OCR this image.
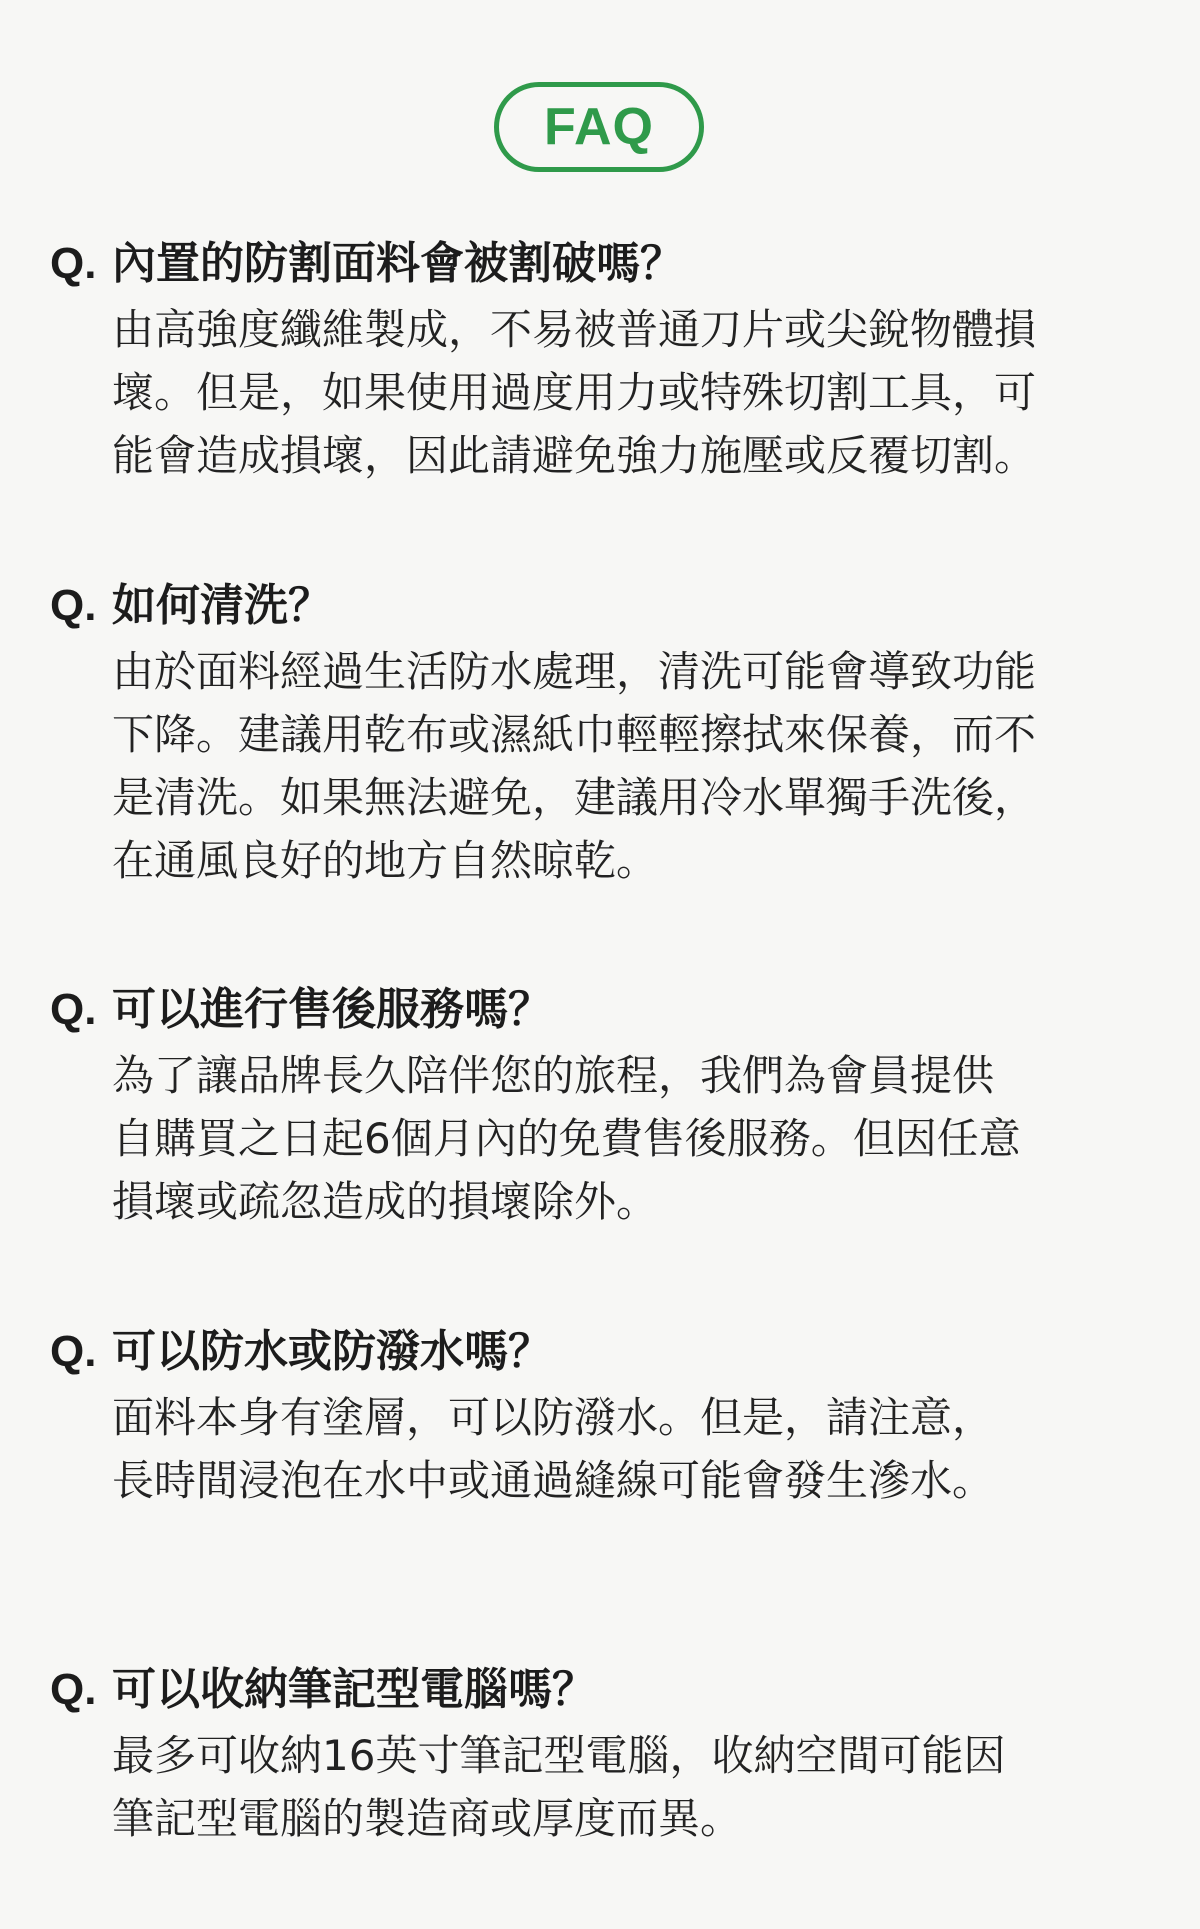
FAQ
Q. 內置的防割面料會被割破嗎？
由高強度纖維製成，不易被普通刀片或尖銳物體損
壞。但是，如果使用過度用力或特殊切割工具，可
能會造成損壞，因此請避免強力施壓或反覆切割。
Q. 如何清洗？
由於面料經過生活防水處理，清洗可能會導致功能
下降。建議用乾布或濕紙巾輕輕擦拭來保養，而不
是清洗。如果無法避免，建議用冷水單獨手洗後，
在通風良好的地方自然晾乾。
Q. 可以進行售後服務嗎？
為了讓品牌長久陪伴您的旅程，我們為會員提供
自購買之日起6個月內的免費售後服務。但因任意
損壞或疏忽造成的損壞除外。
Q. 可以防水或防潑水嗎？
面料本身有塗層，可以防潑水。但是，請注意，
長時間浸泡在水中或通過縫線可能會發生滲水。
Q. 可以收納筆記型電腦嗎？
最多可收納16英寸筆記型電腦，收納空間可能因
筆記型電腦的製造商或厚度而異。
